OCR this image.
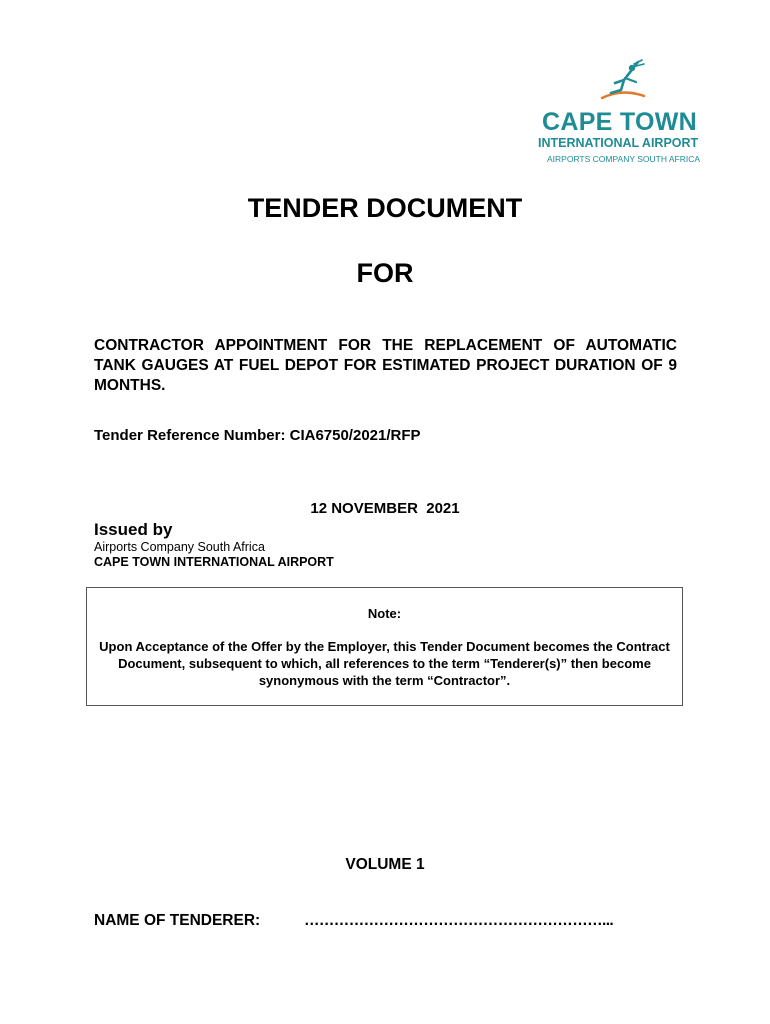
CAPE TOWN
INTERNATIONAL AIRPORT
AIRPORTS COMPANY SOUTH AFRICA
TENDER DOCUMENT
FOR
CONTRACTOR APPOINTMENT FOR THE REPLACEMENT OF AUTOMATIC TANK GAUGES AT FUEL DEPOT FOR ESTIMATED PROJECT DURATION OF 9 MONTHS.
Tender Reference Number: CIA6750/2021/RFP
12 NOVEMBER  2021
Issued by
Airports Company South Africa
CAPE TOWN INTERNATIONAL AIRPORT
Note:
Upon Acceptance of the Offer by the Employer, this Tender Document becomes the Contract Document, subsequent to which, all references to the term “Tenderer(s)” then become synonymous with the term “Contractor”.
VOLUME 1
NAME OF TENDERER:	……………………………………………………...
